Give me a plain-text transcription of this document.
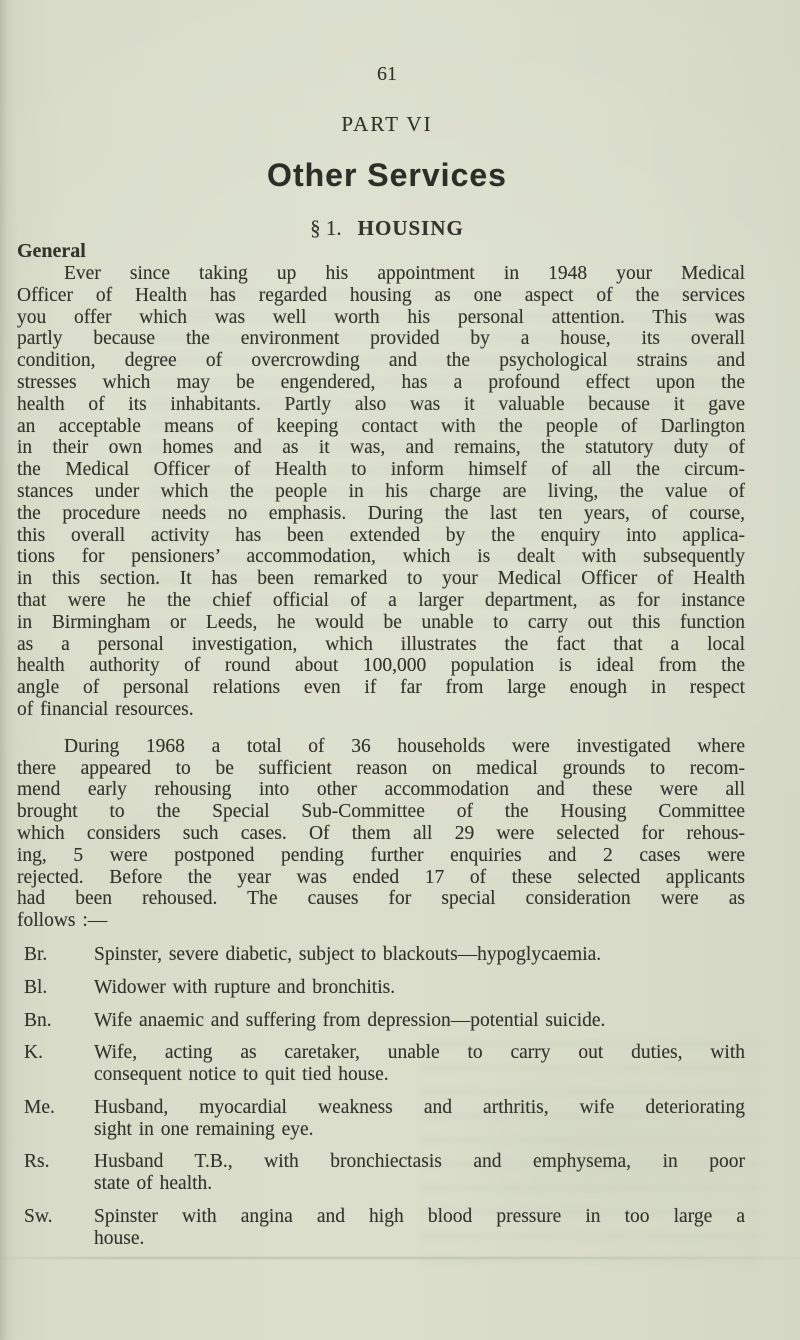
61
PART VI
Other Services
§ 1. HOUSING
General
Ever since taking up his appointment in 1948 your Medical
Officer of Health has regarded housing as one aspect of the services
you offer which was well worth his personal attention. This was
partly because the environment provided by a house, its overall
condition, degree of overcrowding and the psychological strains and
stresses which may be engendered, has a profound effect upon the
health of its inhabitants. Partly also was it valuable because it gave
an acceptable means of keeping contact with the people of Darlington
in their own homes and as it was, and remains, the statutory duty of
the Medical Officer of Health to inform himself of all the circum-
stances under which the people in his charge are living, the value of
the procedure needs no emphasis. During the last ten years, of course,
this overall activity has been extended by the enquiry into applica-
tions for pensioners’ accommodation, which is dealt with subsequently
in this section. It has been remarked to your Medical Officer of Health
that were he the chief official of a larger department, as for instance
in Birmingham or Leeds, he would be unable to carry out this function
as a personal investigation, which illustrates the fact that a local
health authority of round about 100,000 population is ideal from the
angle of personal relations even if far from large enough in respect
of financial resources.
During 1968 a total of 36 households were investigated where
there appeared to be sufficient reason on medical grounds to recom-
mend early rehousing into other accommodation and these were all
brought to the Special Sub-Committee of the Housing Committee
which considers such cases. Of them all 29 were selected for rehous-
ing, 5 were postponed pending further enquiries and 2 cases were
rejected. Before the year was ended 17 of these selected applicants
had been rehoused. The causes for special consideration were as
follows :—
Br.	Spinster, severe diabetic, subject to blackouts—hypoglycaemia.
Bl.	Widower with rupture and bronchitis.
Bn.	Wife anaemic and suffering from depression—potential suicide.
K.	Wife, acting as caretaker, unable to carry out duties, with
consequent notice to quit tied house.
Me.	Husband, myocardial weakness and arthritis, wife deteriorating
sight in one remaining eye.
Rs.	Husband T.B., with bronchiectasis and emphysema, in poor
state of health.
Sw.	Spinster with angina and high blood pressure in too large a
house.
